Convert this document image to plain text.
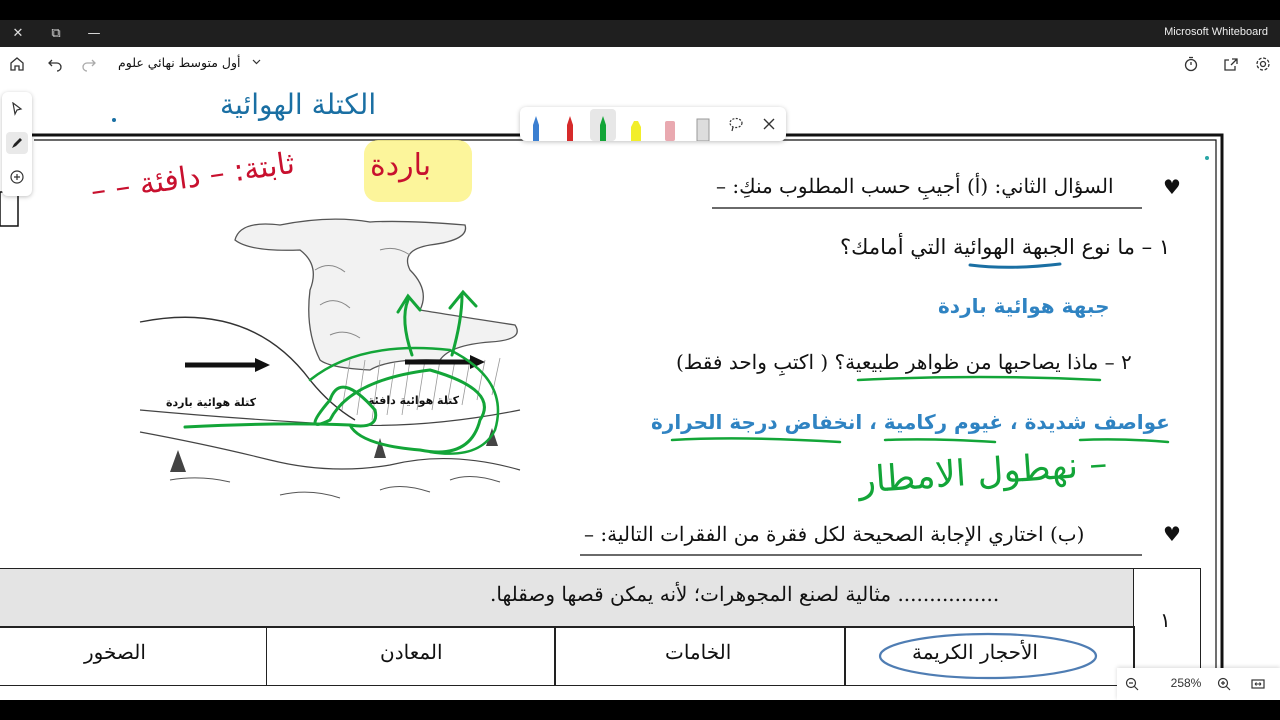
✕ ⧉ —	Microsoft Whiteboard
أول متوسط نهائي علوم
كتلة هوائية باردة	كتلة هوائية دافئة
♥
السؤال الثاني: (أ) أجيبِ حسب المطلوب منكِ: –
١ – ما نوع الجبهة الهوائية التي أمامك؟
جبهة هوائية باردة
٢ – ماذا يصاحبها من ظواهر طبيعية؟ ( اكتبِ واحد فقط)
عواصف شديدة ، غيوم ركامية ، انخفاض درجة الحرارة
♥
(ب) اختاري الإجابة الصحيحة لكل فقرة من الفقرات التالية: –
١
................ مثالية لصنع المجوهرات؛ لأنه يمكن قصها وصقلها.
الأحجار الكريمة
الخامات
المعادن
الصخور
الكتلة الهوائية
باردة
ثابتة: – دافئة – –
– نهطول الامطار
258%
